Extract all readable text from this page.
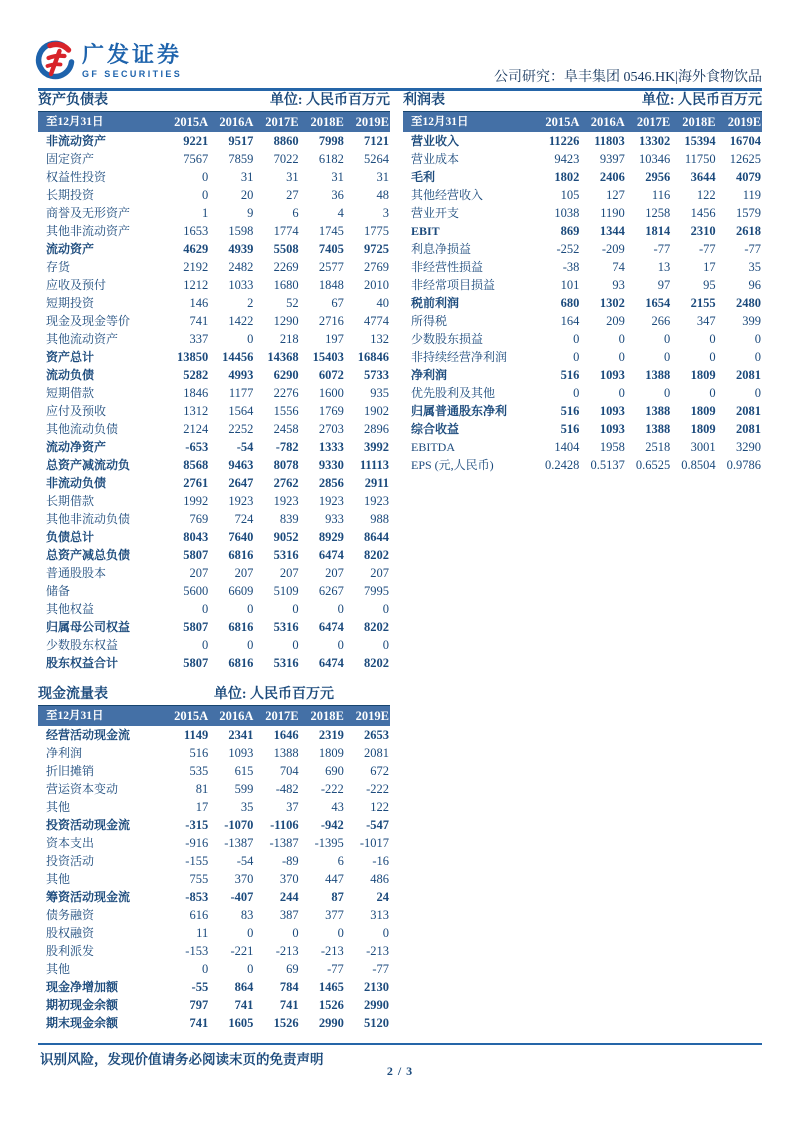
广发证券
GF SECURITIES	公司研究：阜丰集团 0546.HK|海外食物饮品
资产负债表	单位: 人民币百万元
至12月31日	2015A 2016A 2017E 2018E 2019E
非流动资产	9221	9517	8860	7998	7121
固定资产	7567	7859	7022	6182	5264
权益性投资	0	31	31	31	31
长期投资	0	20	27	36	48
商誉及无形资产	1	9	6	4	3
其他非流动资产	1653	1598	1774	1745	1775
流动资产	4629	4939	5508	7405	9725
存货	2192	2482	2269	2577	2769
应收及预付	1212	1033	1680	1848	2010
短期投资	146	2	52	67	40
现金及现金等价	741	1422	1290	2716	4774
其他流动资产	337	0	218	197	132
资产总计	13850	14456	14368	15403	16846
流动负债	5282	4993	6290	6072	5733
短期借款	1846	1177	2276	1600	935
应付及预收	1312	1564	1556	1769	1902
其他流动负债	2124	2252	2458	2703	2896
流动净资产	-653	-54	-782	1333	3992
总资产减流动负	8568	9463	8078	9330	11113
非流动负债	2761	2647	2762	2856	2911
长期借款	1992	1923	1923	1923	1923
其他非流动负债	769	724	839	933	988
负债总计	8043	7640	9052	8929	8644
总资产减总负债	5807	6816	5316	6474	8202
普通股股本	207	207	207	207	207
储备	5600	6609	5109	6267	7995
其他权益	0	0	0	0	0
归属母公司权益	5807	6816	5316	6474	8202
少数股东权益	0	0	0	0	0
股东权益合计	5807	6816	5316	6474	8202
利润表	单位: 人民币百万元
至12月31日	2015A 2016A 2017E 2018E 2019E
营业收入	11226	11803	13302	15394	16704
营业成本	9423	9397	10346	11750	12625
毛利	1802	2406	2956	3644	4079
其他经营收入	105	127	116	122	119
营业开支	1038	1190	1258	1456	1579
EBIT	869	1344	1814	2310	2618
利息净损益	-252	-209	-77	-77	-77
非经营性损益	-38	74	13	17	35
非经常项目损益	101	93	97	95	96
税前利润	680	1302	1654	2155	2480
所得税	164	209	266	347	399
少数股东损益	0	0	0	0	0
非持续经营净利润	0	0	0	0	0
净利润	516	1093	1388	1809	2081
优先股利及其他	0	0	0	0	0
归属普通股东净利	516	1093	1388	1809	2081
综合收益	516	1093	1388	1809	2081
EBITDA	1404	1958	2518	3001	3290
EPS (元,人民币)	0.2428 0.5137 0.6525 0.8504 0.9786
现金流量表	单位: 人民币百万元
至12月31日	2015A 2016A 2017E 2018E 2019E
经营活动现金流	1149	2341	1646	2319	2653
净利润	516	1093	1388	1809	2081
折旧摊销	535	615	704	690	672
营运资本变动	81	599	-482	-222	-222
其他	17	35	37	43	122
投资活动现金流	-315	-1070	-1106	-942	-547
资本支出	-916	-1387	-1387	-1395	-1017
投资活动	-155	-54	-89	6	-16
其他	755	370	370	447	486
筹资活动现金流	-853	-407	244	87	24
债务融资	616	83	387	377	313
股权融资	11	0	0	0	0
股利派发	-153	-221	-213	-213	-213
其他	0	0	69	-77	-77
现金净增加额	-55	864	784	1465	2130
期初现金余额	797	741	741	1526	2990
期末现金余额	741	1605	1526	2990	5120
识别风险，发现价值请务必阅读末页的免责声明
2 / 3
